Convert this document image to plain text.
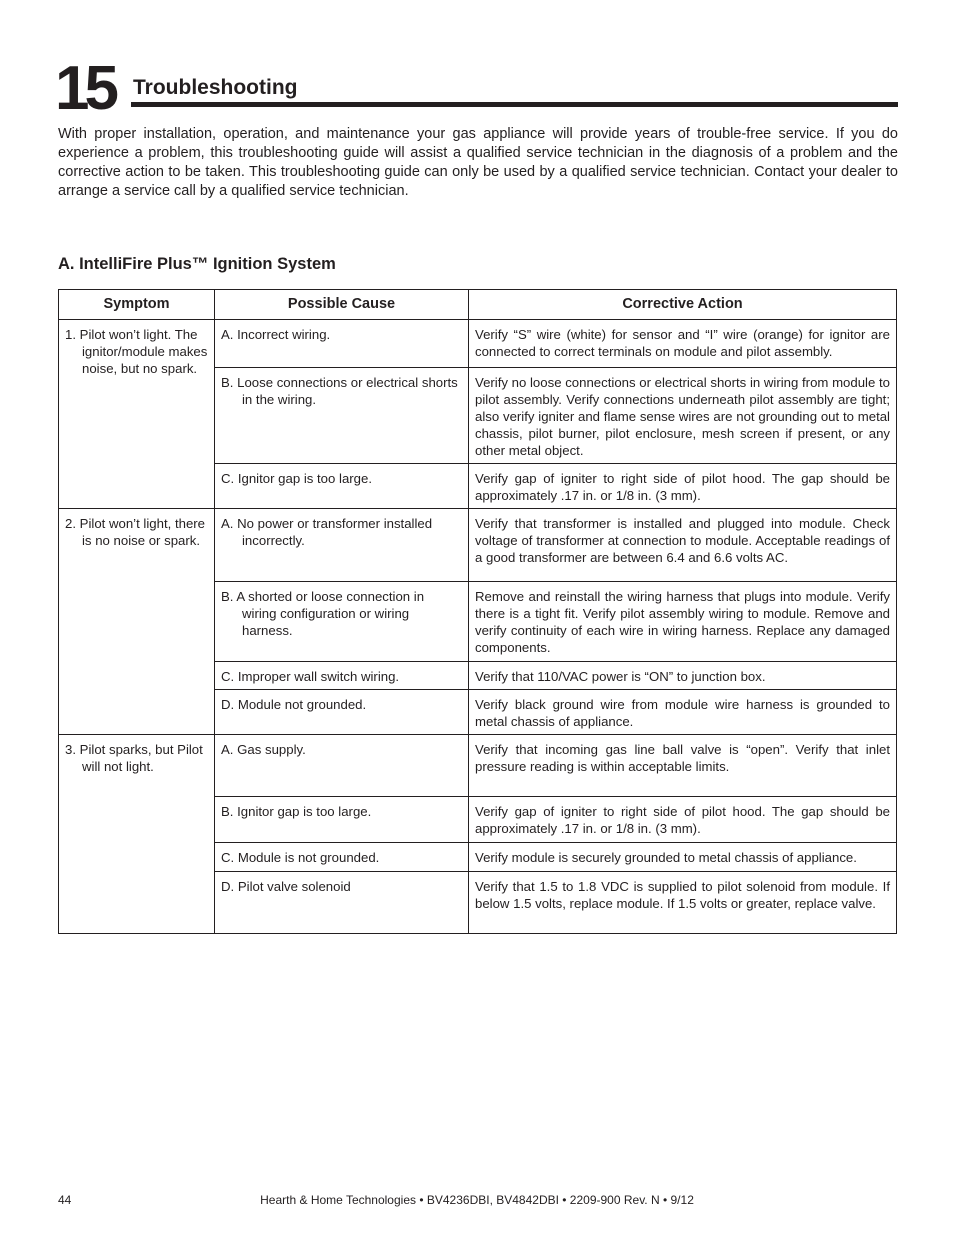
15 Troubleshooting

With proper installation, operation, and maintenance your gas appliance will provide years of trouble-free service. If you do experience a problem, this troubleshooting guide will assist a qualified service technician in the diagnosis of a problem and the corrective action to be taken. This troubleshooting guide can only be used by a qualified service technician. Contact your dealer to arrange a service call by a qualified service technician.

A. IntelliFire Plus™ Ignition System
Symptom	Possible Cause	Corrective Action

1. Pilot won’t light. The ignitor/module makes noise, but no spark.	A. Incorrect wiring.	Verify “S” wire (white) for sensor and “I” wire (orange) for ignitor are connected to correct terminals on module and pilot assembly.

	B. Loose connections or electrical shorts in the wiring.	Verify no loose connections or electrical shorts in wiring from module to pilot assembly. Verify connections underneath pilot assembly are tight; also verify igniter and flame sense wires are not grounding out to metal chassis, pilot burner, pilot enclosure, mesh screen if present, or any other metal object.

	C. Ignitor gap is too large.	Verify gap of igniter to right side of pilot hood. The gap should be approximately .17 in. or 1/8 in. (3 mm).

2. Pilot won’t light, there is no noise or spark.	A. No power or transformer installed incorrectly.	Verify that transformer is installed and plugged into module. Check voltage of transformer at connection to module. Acceptable readings of a good transformer are between 6.4 and 6.6 volts AC.

	B. A shorted or loose connection in wiring configuration or wiring harness.	Remove and reinstall the wiring harness that plugs into module. Verify there is a tight fit. Verify pilot assembly wiring to module. Remove and verify continuity of each wire in wiring harness. Replace any damaged components.

	C. Improper wall switch wiring.	Verify that 110/VAC power is “ON” to junction box.

	D. Module not grounded.	Verify black ground wire from module wire harness is grounded to metal chassis of appliance.

3. Pilot sparks, but Pilot will not light.	A. Gas supply.	Verify that incoming gas line ball valve is “open”. Verify that inlet pressure reading is within acceptable limits.

	B. Ignitor gap is too large.	Verify gap of igniter to right side of pilot hood. The gap should be approximately .17 in. or 1/8 in. (3 mm).

	C. Module is not grounded.	Verify module is securely grounded to metal chassis of appliance.

	D. Pilot valve solenoid	Verify that 1.5 to 1.8 VDC is supplied to pilot solenoid from module. If below 1.5 volts, replace module. If 1.5 volts or greater, replace valve.
44	Hearth & Home Technologies • BV4236DBI, BV4842DBI • 2209-900 Rev. N • 9/12
